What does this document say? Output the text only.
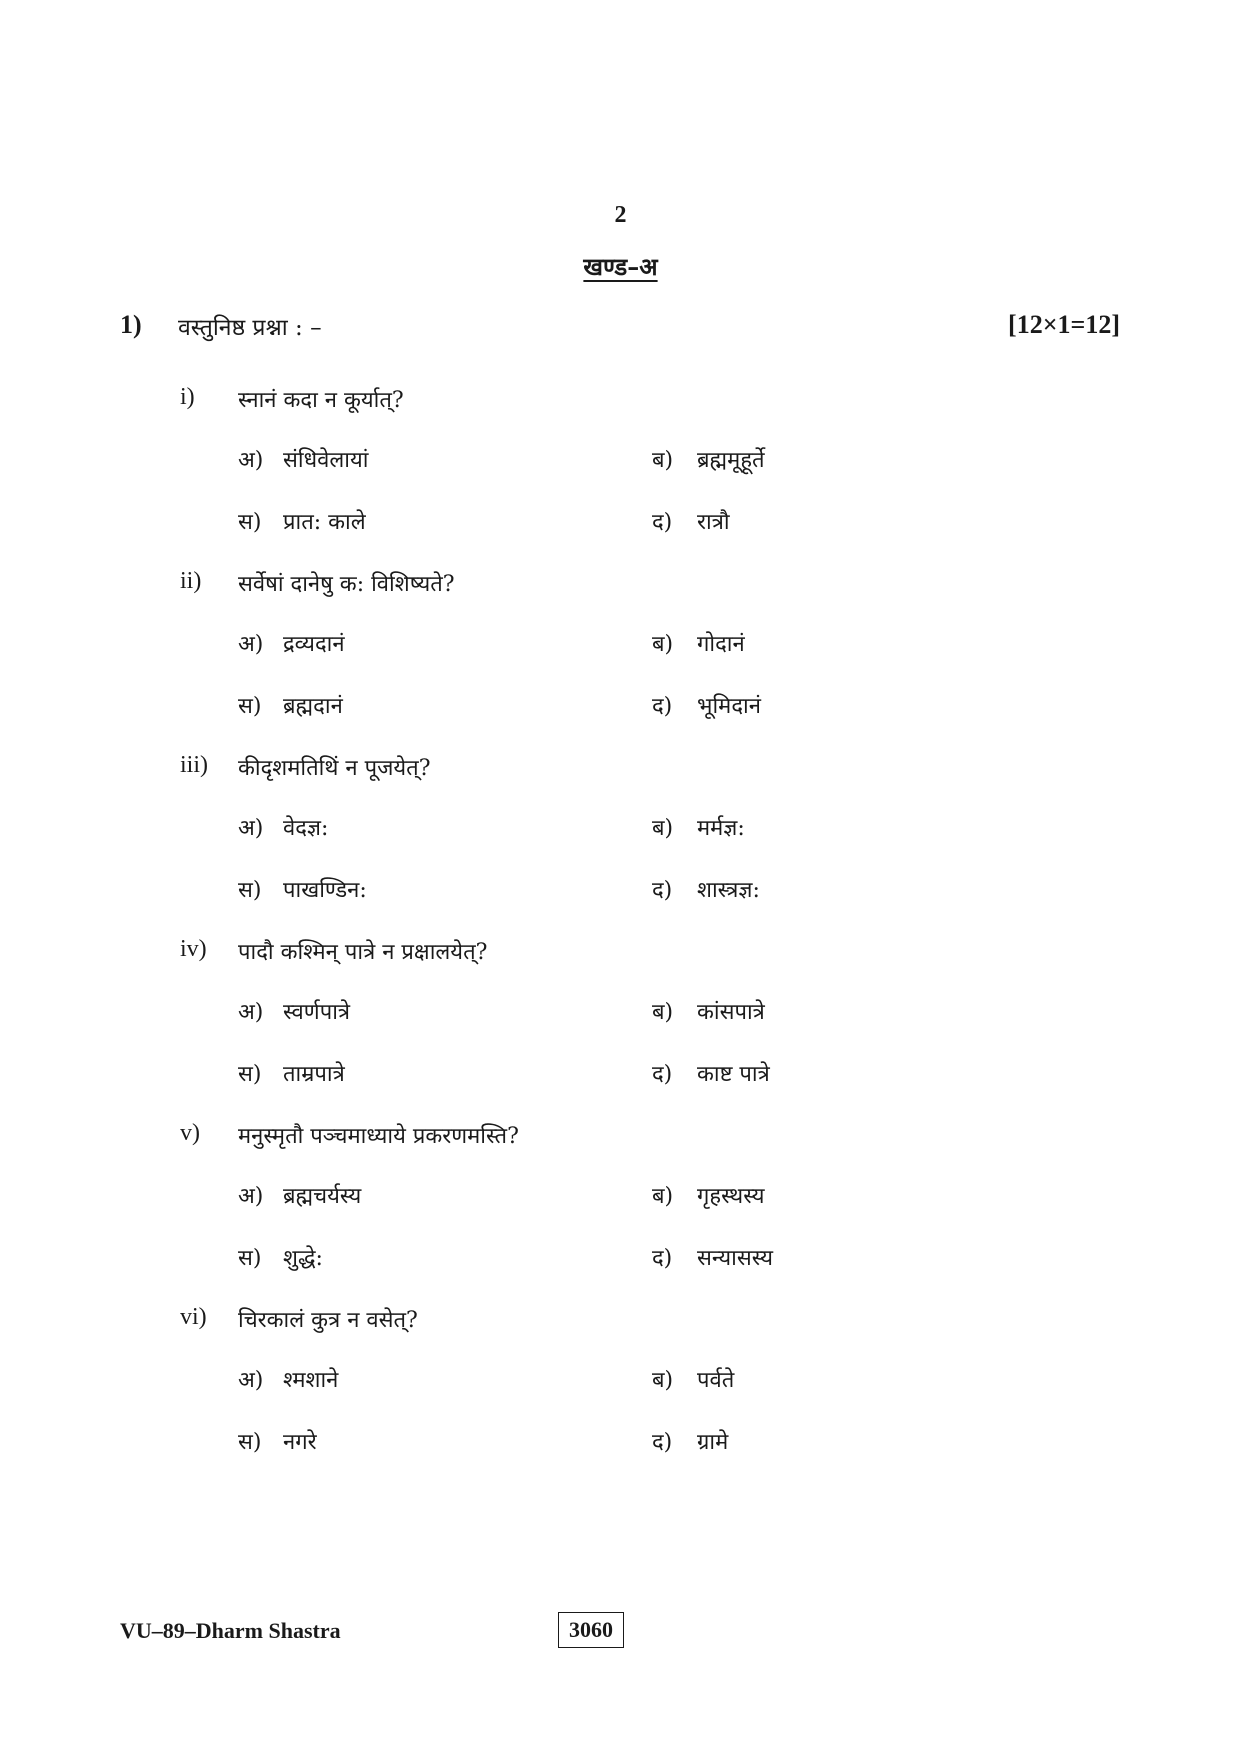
2
खण्ड–अ
1) वस्तुनिष्ठ प्रश्ना : –	[12×1=12]
i) स्नानं कदा न कूर्यात्?
अ) संधिवेलायां	ब) ब्रह्ममूहूर्ते
स) प्रात: काले	द) रात्रौ
ii) सर्वेषां दानेषु क: विशिष्यते?
अ) द्रव्यदानं	ब) गोदानं
स) ब्रह्मदानं	द) भूमिदानं
iii) कीदृशमतिथिं न पूजयेत्?
अ) वेदज्ञ:	ब) मर्मज्ञ:
स) पाखण्डिन:	द) शास्त्रज्ञ:
iv) पादौ कश्मिन् पात्रे न प्रक्षालयेत्?
अ) स्वर्णपात्रे	ब) कांसपात्रे
स) ताम्रपात्रे	द) काष्ट पात्रे
v) मनुस्मृतौ पञ्चमाध्याये प्रकरणमस्ति?
अ) ब्रह्मचर्यस्य	ब) गृहस्थस्य
स) शुद्धे:	द) सन्यासस्य
vi) चिरकालं कुत्र न वसेत्?
अ) श्मशाने	ब) पर्वते
स) नगरे	द) ग्रामे
VU–89–Dharm Shastra	3060
